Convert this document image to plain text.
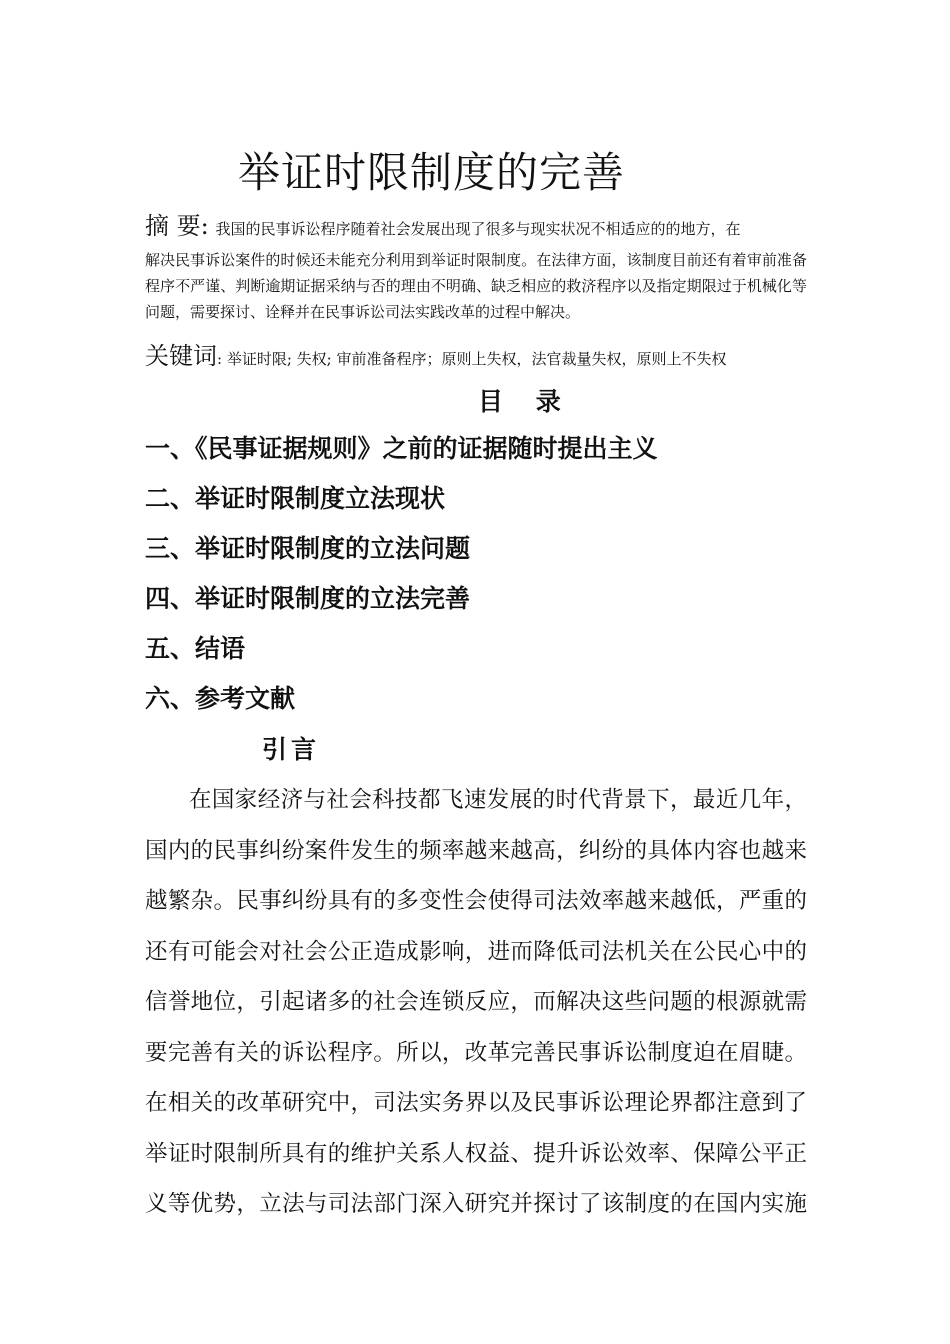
举证时限制度的完善

摘 要: 我国的民事诉讼程序随着社会发展出现了很多与现实状况不相适应的的地方，在
解决民事诉讼案件的时候还未能充分利用到举证时限制度。在法律方面，该制度目前还有着审前准备程序不严谨、判断逾期证据采纳与否的理由不明确、缺乏相应的救济程序以及指定期限过于机械化等问题，需要探讨、诠释并在民事诉讼司法实践改革的过程中解决。

关键词: 举证时限; 失权; 审前准备程序；原则上失权，法官裁量失权，原则上不失权

目 录
一、《民事证据规则》之前的证据随时提出主义
二、举证时限制度立法现状
三、举证时限制度的立法问题
四、举证时限制度的立法完善
五、结语
六、参考文献
引言
在国家经济与社会科技都飞速发展的时代背景下，最近几年，
国内的民事纠纷案件发生的频率越来越高，纠纷的具体内容也越来
越繁杂。民事纠纷具有的多变性会使得司法效率越来越低，严重的
还有可能会对社会公正造成影响，进而降低司法机关在公民心中的
信誉地位，引起诸多的社会连锁反应，而解决这些问题的根源就需
要完善有关的诉讼程序。所以，改革完善民事诉讼制度迫在眉睫。
在相关的改革研究中，司法实务界以及民事诉讼理论界都注意到了
举证时限制所具有的维护关系人权益、提升诉讼效率、保障公平正
义等优势，立法与司法部门深入研究并探讨了该制度的在国内实施
